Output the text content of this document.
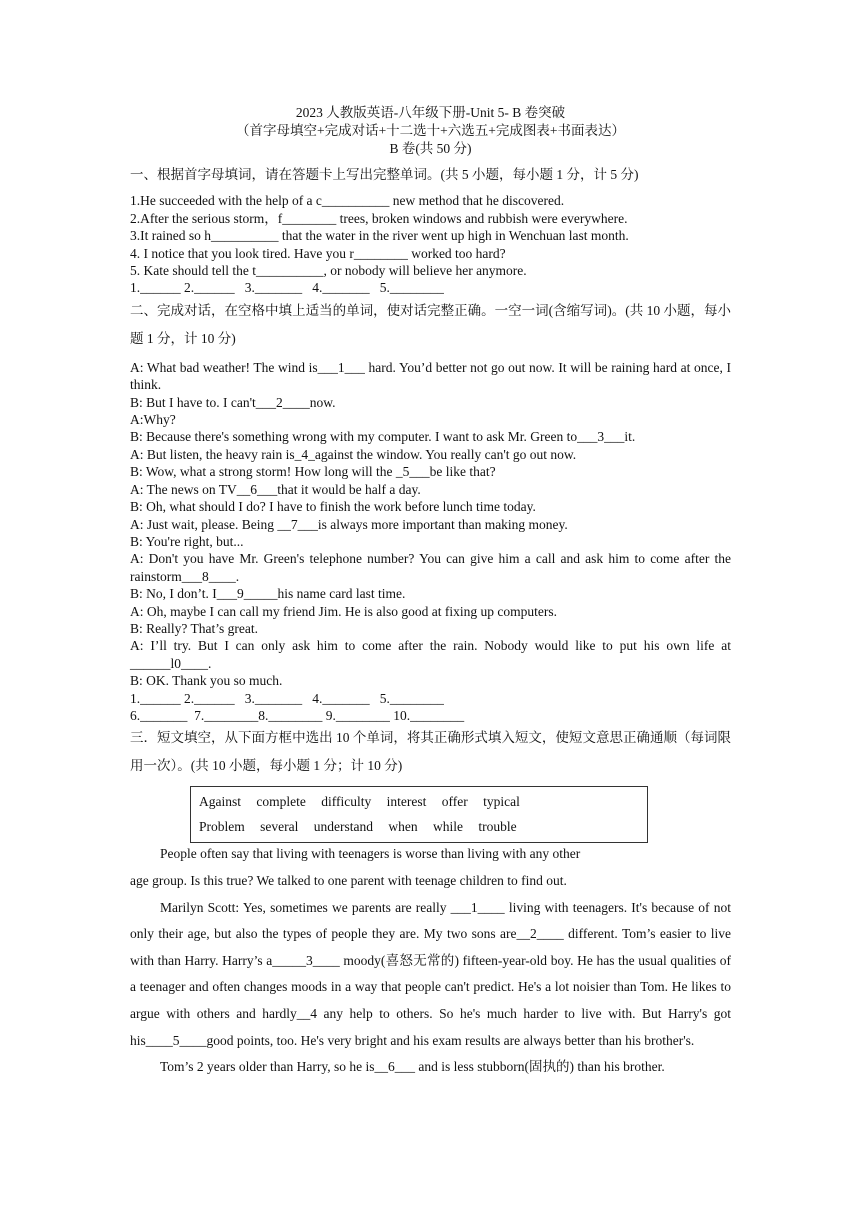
2023 人教版英语-八年级下册-Unit 5- B 卷突破
（首字母填空+完成对话+十二选十+六选五+完成图表+书面表达）
B 卷(共 50 分)

一、根据首字母填词，请在答题卡上写出完整单词。(共 5 小题，每小题 1 分，计 5 分)

1.He succeeded with the help of a c__________ new method that he discovered.

2.After the serious storm，f________ trees, broken windows and rubbish were everywhere.

3.It rained so h__________ that the water in the river went up high in Wenchuan last month.

4. I notice that you look tired. Have you r________ worked too hard?

5. Kate should tell the t__________, or nobody will believe her anymore.

1.______ 2.______   3._______   4._______   5.________

二、完成对话，在空格中填上适当的单词，使对话完整正确。一空一词(含缩写词)。(共 10 小题，每小题 1 分，计 10 分)

A: What bad weather! The wind is___1___ hard. You’d better not go out now. It will be raining hard at once, I think.

B: But I have to. I can't___2____now.

A:Why?

B: Because there's something wrong with my computer. I want to ask Mr. Green to___3___it.

A: But listen, the heavy rain is_4_against the window. You really can't go out now.

B: Wow, what a strong storm! How long will the _5___be like that?

A: The news on TV__6___that it would be half a day.

B: Oh, what should I do? I have to finish the work before lunch time today.

A: Just wait, please. Being __7___is always more important than making money.

B: You're right, but...

A: Don't you have Mr. Green's telephone number? You can give him a call and ask him to come after the rainstorm___8____.

B: No, I don’t. I___9_____his name card last time.

A: Oh, maybe I can call my friend Jim. He is also good at fixing up computers.

B: Really? That’s great.

A: I’ll try. But I can only ask him to come after the rain. Nobody would like to put his own life at ______l0____.

B: OK. Thank you so much.

1.______ 2.______   3._______   4._______   5.________

6._______  7.________8.________ 9.________ 10.________

三．短文填空，从下面方框中选出 10 个单词，将其正确形式填入短文，使短文意思正确通顺（每词限用一次）。(共 10 小题，每小题 1 分；计 10 分)

Against complete difficulty interest offer typical
Problem several understand when while trouble

People often say that living with teenagers is worse than living with any other

age group. Is this true? We talked to one parent with teenage children to find out.

Marilyn Scott: Yes, sometimes we parents are really ___1____ living with teenagers. It's because of not only their age, but also the types of people they are. My two sons are__2____ different. Tom’s easier to live with than Harry. Harry’s a_____3____ moody(喜怒无常的) fifteen-year-old boy. He has the usual qualities of a teenager and often changes moods in a way that people can't predict. He's a lot noisier than Tom. He likes to argue with others and hardly__4 any help to others. So he's much harder to live with. But Harry's got his____5____good points, too. He's very bright and his exam results are always better than his brother's.

Tom’s 2 years older than Harry, so he is__6___ and is less stubborn(固执的) than his brother.
